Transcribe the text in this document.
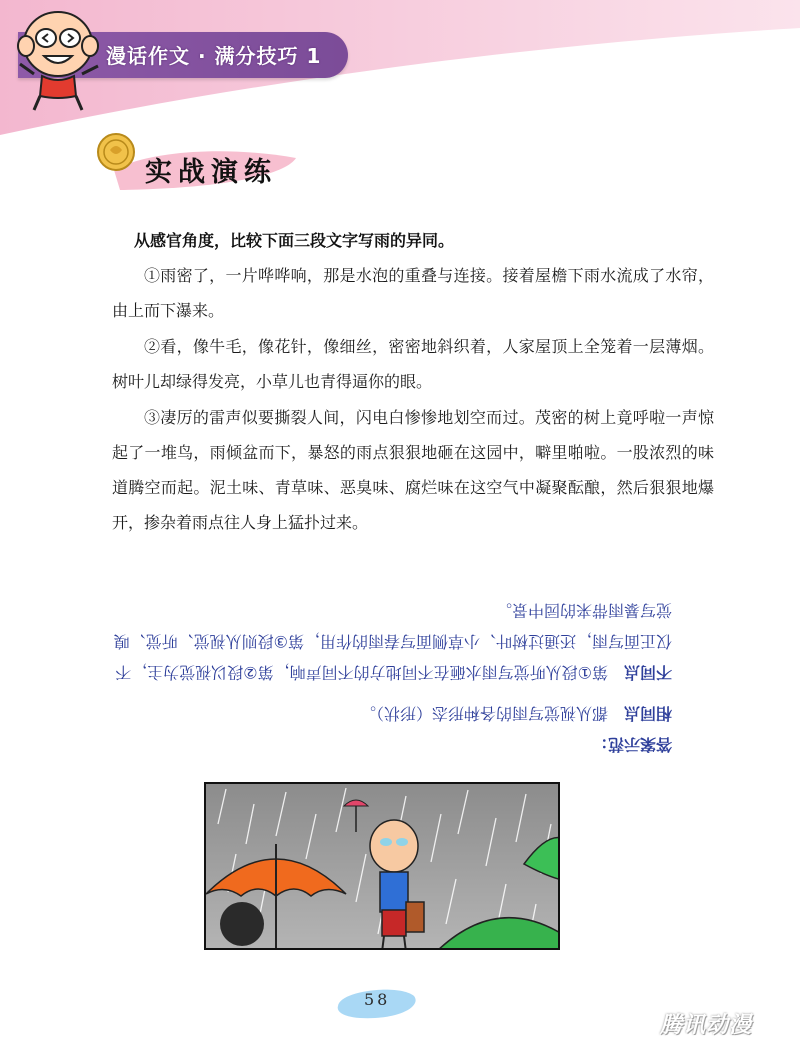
漫话作文 · 满分技巧 1
实战演练
从感官角度，比较下面三段文字写雨的异同。

①雨密了，一片哗哗响，那是水泡的重叠与连接。接着屋檐下雨水流成了水帘，由上而下瀑来。

②看，像牛毛，像花针，像细丝，密密地斜织着，人家屋顶上全笼着一层薄烟。树叶儿却绿得发亮，小草儿也青得逼你的眼。

③凄厉的雷声似要撕裂人间，闪电白惨惨地划空而过。茂密的树上竟呼啦一声惊起了一堆鸟，雨倾盆而下，暴怒的雨点狠狠地砸在这园中，噼里啪啦。一股浓烈的味道腾空而起。泥土味、青草味、恶臭味、腐烂味在这空气中凝聚酝酿，然后狠狠地爆开，掺杂着雨点往人身上猛扑过来。

答案示范：

相同点都从视觉写雨的各种形态（形状）。

不同点第①段从听觉写雨水砸在不同地方的不同声响，第②段以视觉为主，不仅正面写雨，还通过树叶、小草侧面写春雨的作用，第③段则从视觉、听觉、嗅觉写暴雨带来的园中景。

58
腾讯动漫
